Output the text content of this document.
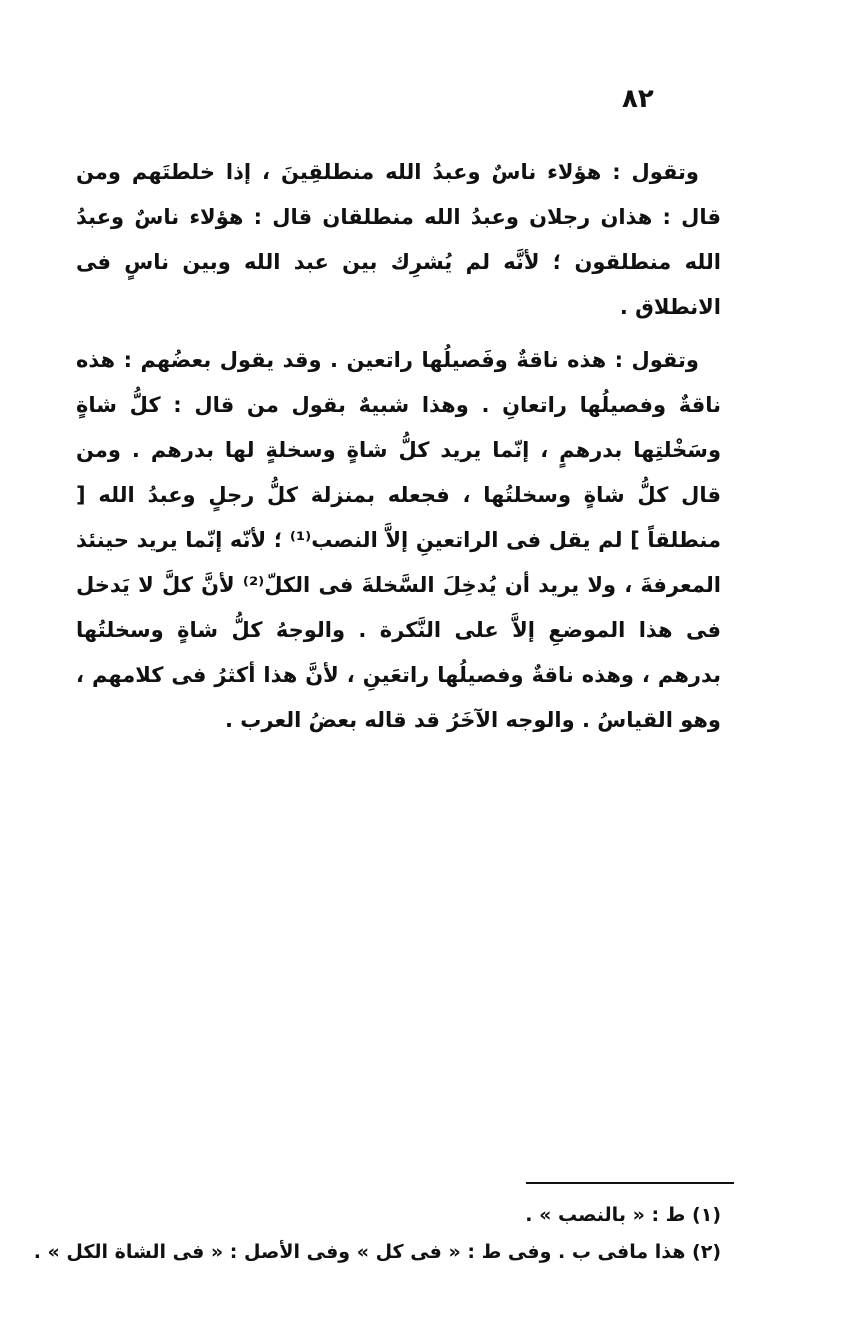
٨٢

وتقول : هؤلاء ناسٌ وعبدُ الله منطلقِينَ ، إذا خلطتَهم ومن قال : هذان رجلان وعبدُ الله منطلقان قال : هؤلاء ناسٌ وعبدُ الله منطلقون ؛ لأنَّه لم يُشرِك بين عبد الله وبين ناسٍ فى الانطلاق .

وتقول : هذه ناقةٌ وفَصيلُها راتعين . وقد يقول بعضُهم : هذه ناقةٌ وفصيلُها راتعانِ . وهذا شبيهٌ بقول من قال : كلُّ شاةٍ وسَخْلتِها بدرهمٍ ، إنّما يريد كلُّ شاةٍ وسخلةٍ لها بدرهم . ومن قال كلُّ شاةٍ وسخلتُها ، فجعله بمنزلة كلُّ رجلٍ وعبدُ الله [ منطلقاً ] لم يقل فى الراتعينِ إلاَّ النصب⁽¹⁾ ؛ لأنّه إنّما يريد حينئذ المعرفةَ ، ولا يريد أن يُدخِلَ السَّخلةَ فى الكلّ⁽²⁾ لأنَّ كلَّ لا يَدخل فى هذا الموضعِ إلاَّ على النَّكرة . والوجهُ كلُّ شاةٍ وسخلتُها بدرهم ، وهذه ناقةٌ وفصيلُها راتعَينِ ، لأنَّ هذا أكثرُ فى كلامهم ، وهو القياسُ . والوجه الآخَرُ قد قاله بعضُ العرب .

(١) ط : « بالنصب » .

(٢) هذا مافى ب . وفى ط : « فى كل » وفى الأصل : « فى الشاة الكل » .
